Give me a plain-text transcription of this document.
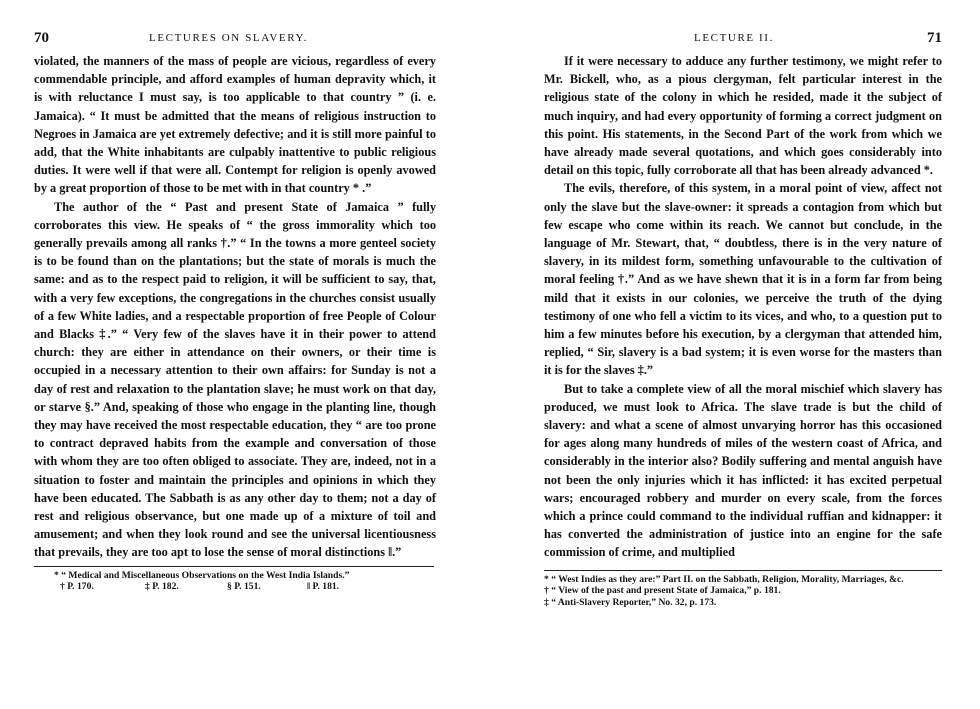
70	LECTURES ON SLAVERY.

violated, the manners of the mass of people are vicious, regardless of every commendable principle, and afford examples of human depravity which, it is with reluctance I must say, is too applicable to that country ” (i. e. Jamaica). “ It must be admitted that the means of religious instruction to Negroes in Jamaica are yet extremely defective; and it is still more painful to add, that the White inhabitants are culpably inattentive to public religious duties. It were well if that were all. Contempt for religion is openly avowed by a great proportion of those to be met with in that country * .”

The author of the “ Past and present State of Jamaica ” fully corroborates this view. He speaks of “ the gross immorality which too generally prevails among all ranks †.” “ In the towns a more genteel society is to be found than on the plantations; but the state of morals is much the same: and as to the respect paid to religion, it will be sufficient to say, that, with a very few exceptions, the congregations in the churches consist usually of a few White ladies, and a respectable proportion of free People of Colour and Blacks ‡.” “ Very few of the slaves have it in their power to attend church: they are either in attendance on their owners, or their time is occupied in a necessary attention to their own affairs: for Sunday is not a day of rest and relaxation to the plantation slave; he must work on that day, or starve §.” And, speaking of those who engage in the planting line, though they may have received the most respectable education, they “ are too prone to contract depraved habits from the example and conversation of those with whom they are too often obliged to associate. They are, indeed, not in a situation to foster and maintain the principles and opinions in which they have been educated. The Sabbath is as any other day to them; not a day of rest and religious observance, but one made up of a mixture of toil and amusement; and when they look round and see the universal licentiousness that prevails, they are too apt to lose the sense of moral distinctions ‖.”

* “ Medical and Miscellaneous Observations on the West India Islands.”
† P. 170.	‡ P. 182.	§ P. 151.	‖ P. 181.
LECTURE II.	71

If it were necessary to adduce any further testimony, we might refer to Mr. Bickell, who, as a pious clergyman, felt particular interest in the religious state of the colony in which he resided, made it the subject of much inquiry, and had every opportunity of forming a correct judgment on this point. His statements, in the Second Part of the work from which we have already made several quotations, and which goes considerably into detail on this topic, fully corroborate all that has been already advanced *.

The evils, therefore, of this system, in a moral point of view, affect not only the slave but the slave-owner: it spreads a contagion from which but few escape who come within its reach. We cannot but conclude, in the language of Mr. Stewart, that, “ doubtless, there is in the very nature of slavery, in its mildest form, something unfavourable to the cultivation of moral feeling †.” And as we have shewn that it is in a form far from being mild that it exists in our colonies, we perceive the truth of the dying testimony of one who fell a victim to its vices, and who, to a question put to him a few minutes before his execution, by a clergyman that attended him, replied, “ Sir, slavery is a bad system; it is even worse for the masters than it is for the slaves ‡.”

But to take a complete view of all the moral mischief which slavery has produced, we must look to Africa. The slave trade is but the child of slavery: and what a scene of almost unvarying horror has this occasioned for ages along many hundreds of miles of the western coast of Africa, and considerably in the interior also? Bodily suffering and mental anguish have not been the only injuries which it has inflicted: it has excited perpetual wars; encouraged robbery and murder on every scale, from the forces which a prince could command to the individual ruffian and kidnapper: it has converted the administration of justice into an engine for the safe commission of crime, and multiplied

* “ West Indies as they are:” Part II. on the Sabbath, Religion, Morality, Marriages, &c.
† “ View of the past and present State of Jamaica,” p. 181.
‡ “ Anti-Slavery Reporter,” No. 32, p. 173.
